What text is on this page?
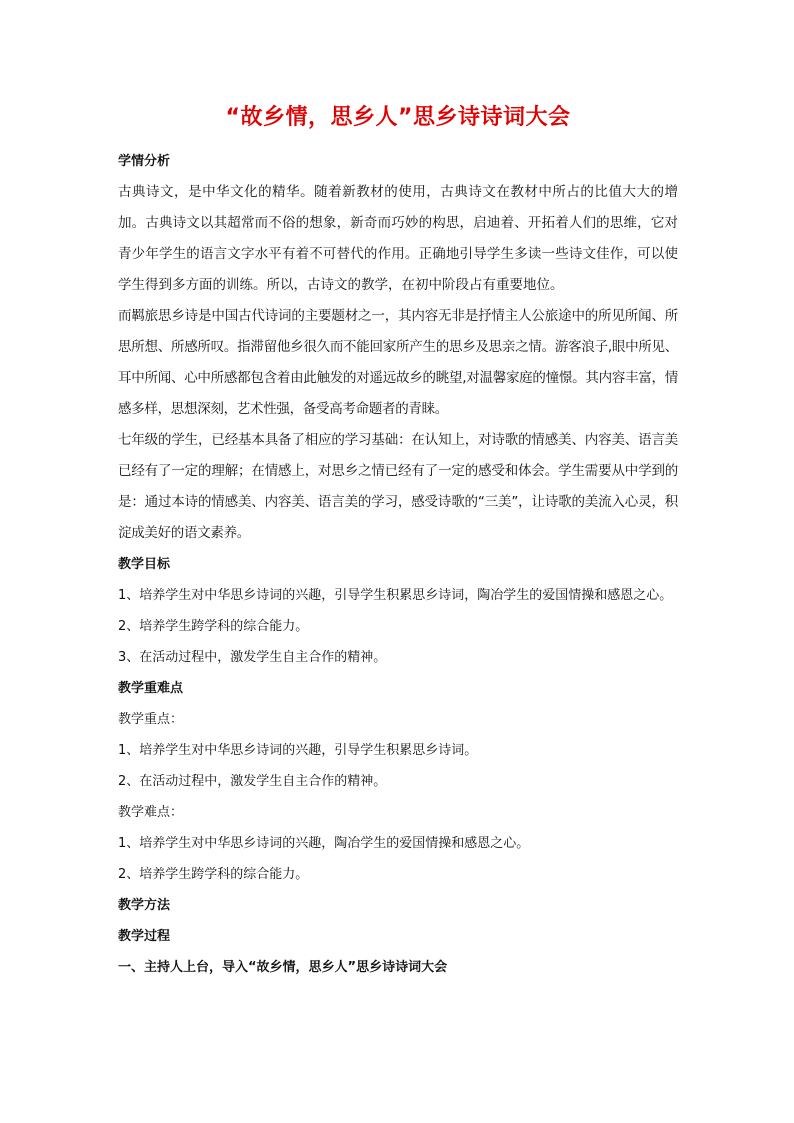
“故乡情，思乡人”思乡诗诗词大会
学情分析

古典诗文，是中华文化的精华。随着新教材的使用，古典诗文在教材中所占的比值大大的增加。古典诗文以其超常而不俗的想象，新奇而巧妙的构思，启迪着、开拓着人们的思维，它对青少年学生的语言文字水平有着不可替代的作用。正确地引导学生多读一些诗文佳作，可以使学生得到多方面的训练。所以，古诗文的教学，在初中阶段占有重要地位。

而羁旅思乡诗是中国古代诗词的主要题材之一，其内容无非是抒情主人公旅途中的所见所闻、所思所想、所感所叹。指滞留他乡很久而不能回家所产生的思乡及思亲之情。游客浪子,眼中所见、耳中所闻、心中所感都包含着由此触发的对遥远故乡的眺望,对温馨家庭的憧憬。其内容丰富，情感多样，思想深刻，艺术性强，备受高考命题者的青睐。

七年级的学生，已经基本具备了相应的学习基础：在认知上，对诗歌的情感美、内容美、语言美已经有了一定的理解；在情感上，对思乡之情已经有了一定的感受和体会。学生需要从中学到的是：通过本诗的情感美、内容美、语言美的学习，感受诗歌的“三美”，让诗歌的美流入心灵，积淀成美好的语文素养。

教学目标

1、培养学生对中华思乡诗词的兴趣，引导学生积累思乡诗词，陶冶学生的爱国情操和感恩之心。

2、培养学生跨学科的综合能力。

3、在活动过程中，激发学生自主合作的精神。

教学重难点

教学重点：

1、培养学生对中华思乡诗词的兴趣，引导学生积累思乡诗词。

2、在活动过程中，激发学生自主合作的精神。

教学难点：

1、培养学生对中华思乡诗词的兴趣，陶冶学生的爱国情操和感恩之心。

2、培养学生跨学科的综合能力。

教学方法
教学过程

一、主持人上台，导入“故乡情，思乡人”思乡诗诗词大会
